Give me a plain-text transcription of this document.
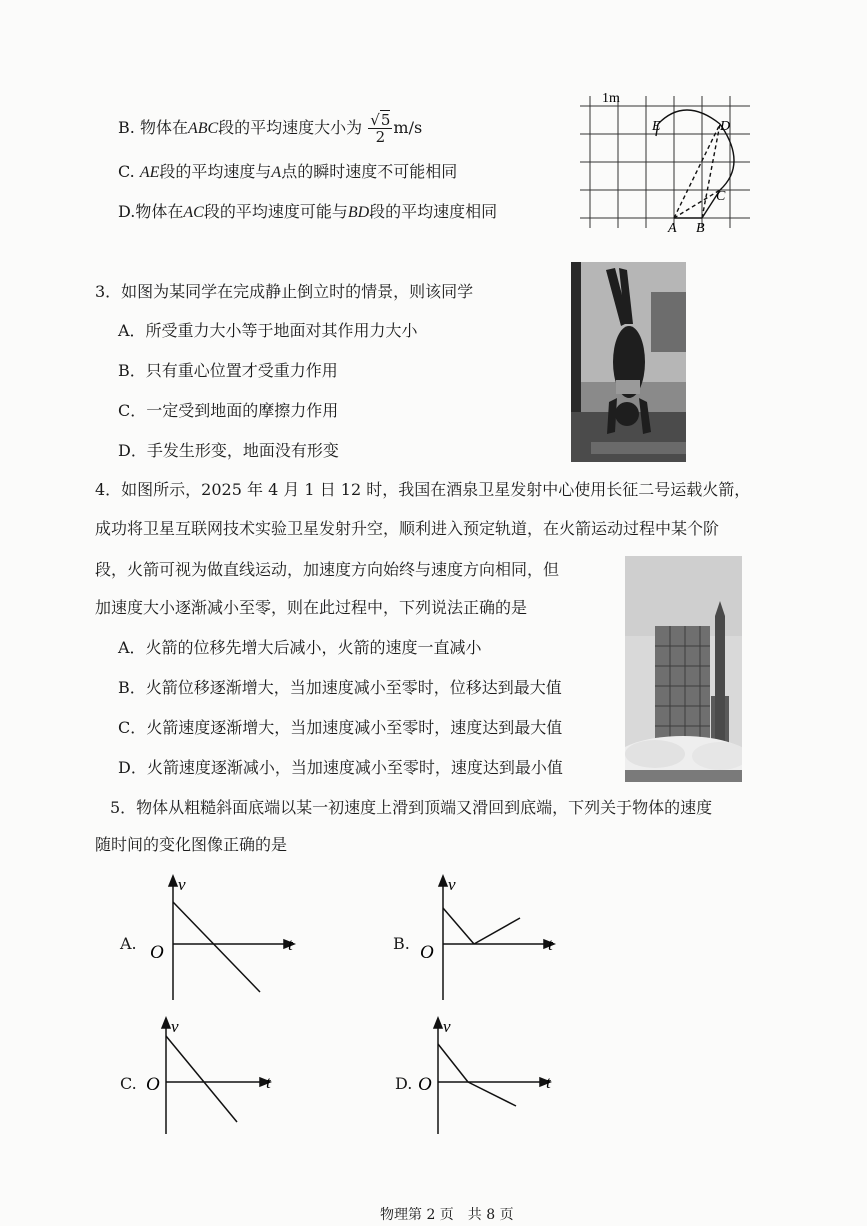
B. 物体在ABC段的平均速度大小为 $\frac{√5}{2} m/s$
C. AE段的平均速度与A点的瞬时速度不可能相同
D.物体在AC段的平均速度可能与BD段的平均速度相同
1m
A B
C
D
E
3．如图为某同学在完成静止倒立时的情景，则该同学
A．所受重力大小等于地面对其作用力大小
B．只有重心位置才受重力作用
C．一定受到地面的摩擦力作用
D．手发生形变，地面没有形变
4．如图所示，2025 年 4 月 1 日 12 时，我国在酒泉卫星发射中心使用长征二号运载火箭，
成功将卫星互联网技术实验卫星发射升空，顺利进入预定轨道，在火箭运动过程中某个阶
段，火箭可视为做直线运动，加速度方向始终与速度方向相同，但
加速度大小逐渐减小至零，则在此过程中，下列说法正确的是
A．火箭的位移先增大后减小，火箭的速度一直减小
B．火箭位移逐渐增大，当加速度减小至零时，位移达到最大值
C．火箭速度逐渐增大，当加速度减小至零时，速度达到最大值
D．火箭速度逐渐减小，当加速度减小至零时，速度达到最小值
5．物体从粗糙斜面底端以某一初速度上滑到顶端又滑回到底端，下列关于物体的速度
随时间的变化图像正确的是
A.
v
t
O	B.
v
t
O
C.
v
t
O	D.
v
t
O
物理第 2 页　共 8 页
